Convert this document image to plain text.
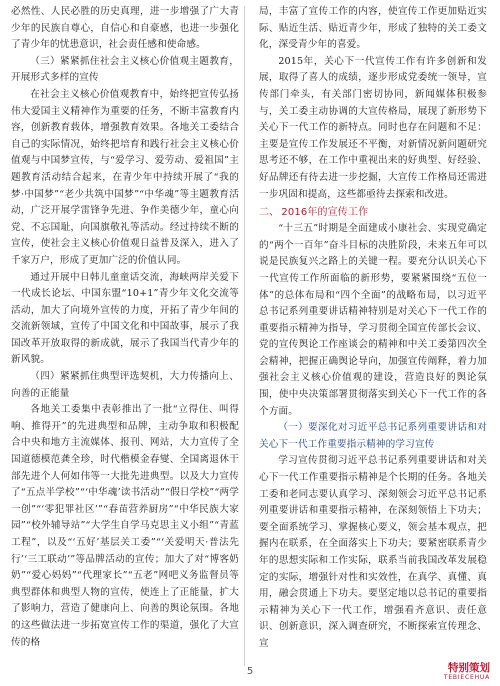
必然性、人民必胜的历史真理，进一步增强了广大青少年的民族自尊心，自信心和自豪感，也进一步强化了青少年的忧患意识，社会责任感和使命感。

（三）紧紧抓住社会主义核心价值观主题教育，开展形式多样的宣传

在社会主义核心价值观教育中，始终把宣传弘扬伟大爱国主义精神作为重要的任务，不断丰富教育内容，创新教育载体，增强教育效果。各地关工委结合自己的实际情况，始终把培育和践行社会主义核心价值观与中国梦宣传，与“爱学习、爱劳动、爱祖国”主题教育活动结合起来，在青少年中持续开展了“我的梦·中国梦”“老少共筑中国梦”“中华魂”等主题教育活动，广泛开展学雷锋争先进、争作美德少年，童心向党、不忘国耻，向国旗敬礼等活动。经过持续不断的宣传，使社会主义核心价值观日益普及深入，进入了千家万户，形成了更加广泛的价值认同。

通过开展中日韩儿童童话交流，海峡两岸关爱下一代成长论坛、中国东盟“10+1”青少年文化交流等活动，加大了向境外宣传的力度，开拓了青少年间的交流新领域，宣传了中国文化和中国故事，展示了我国改革开放取得的新成就，展示了我国当代青少年的新风貌。

（四）紧紧抓住典型评选契机，大力传播向上、向善的正能量

各地关工委集中表彰推出了一批“立得住、叫得响、推得开”的先进典型和品牌，主动争取和积极配合中央和地方主流媒体、报刊、网站，大力宣传了全国道德模范龚全珍，时代楷模金春燮、全国离退休干部先进个人何如伟等一大批先进典型。以及大力宣传了“五点半学校”“‘中华魂’读书活动”“假日学校”“两学一创”“‘零犯罪社区’”“春苗营养厨房”“中华民族大家园”“校外辅导站”“大学生自学马克思主义小组”“青蓝工程”，以及“‘五好’基层关工委”“‘关爱明天·普法先行’‘三工联动’”等品牌活动的宣传；加大了对“博客奶奶”“爱心妈妈”“代理家长”“五老”网吧义务监督员等典型群体和典型人物的宣传，使连上了正能量，扩大了影响力，营造了健康向上、向善的舆论氛围。各地的这些做法进一步拓宽宣传工作的渠道，强化了大宣传的格

局，丰富了宣传工作的内容，使宣传工作更加贴近实际、贴近生活、贴近青少年，形成了独特的关工委文化，深受青少年的喜爱。

2015年，关心下一代宣传工作有许多创新和发展，取得了喜人的成绩，逐步形成党委统一领导，宣传部门牵头，有关部门密切协同，新闻媒体积极参与，关工委主动协调的大宣传格局，展现了新形势下关心下一代工作的新特点。同时也存在问题和不足：主要是宣传工作发展还不平衡，对新情况新问题研究思考还不够，在工作中重视出来的好典型、好经验、好品牌还有待去进一步挖掘，大宣传工作格局还需进一步巩固和提高，这些都亟待去探索和改进。

二、 2016年的宣传工作

“十三五”时期是全面建成小康社会、实现党确定的“两个一百年”奋斗目标的决胜阶段，未来五年可以说是民族复兴之路上的关键一程。要充分认识关心下一代宣传工作所面临的新形势，要紧紧围绕“五位一体”的总体布局和“四个全面”的战略布局，以习近平总书记系列重要讲话精神特别是对关心下一代工作的重要指示精神为指导，学习贯彻全国宣传部长会议、党的宣传舆论工作座谈会的精神和中关工委第四次全会精神，把握正确舆论导向，加强宣传阐释，着力加强社会主义核心价值观的建设，营造良好的舆论氛围，使中央决策部署贯彻落实到关心下一代工作的各个方面。

（一）要深化对习近平总书记系列重要讲话和对关心下一代工作重要指示精神的学习宣传

学习宣传贯彻习近平总书记系列重要讲话和对关心下一代工作重要指示精神是个长期的任务。各地关工委和老同志要认真学习、深刻领会习近平总书记系列重要讲话和重要指示精神，在深刻领悟上下功夫；要全面系统学习、掌握核心要义，领会基本观点，把握内在联系，在全面落实上下功夫；要紧密联系青少年的思想实际和工作实际，联系当前我国改革发展稳定的实际，增强针对性和实效性，在真学、真懂、真用，融会贯通上下功夫。要坚定地以总书记的重要指示精神为关心下一代工作，增强看齐意识、责任意识、创新意识，深入调查研究，不断探索宣传理念、宣

5	特别策划
TEBIECEHUA
